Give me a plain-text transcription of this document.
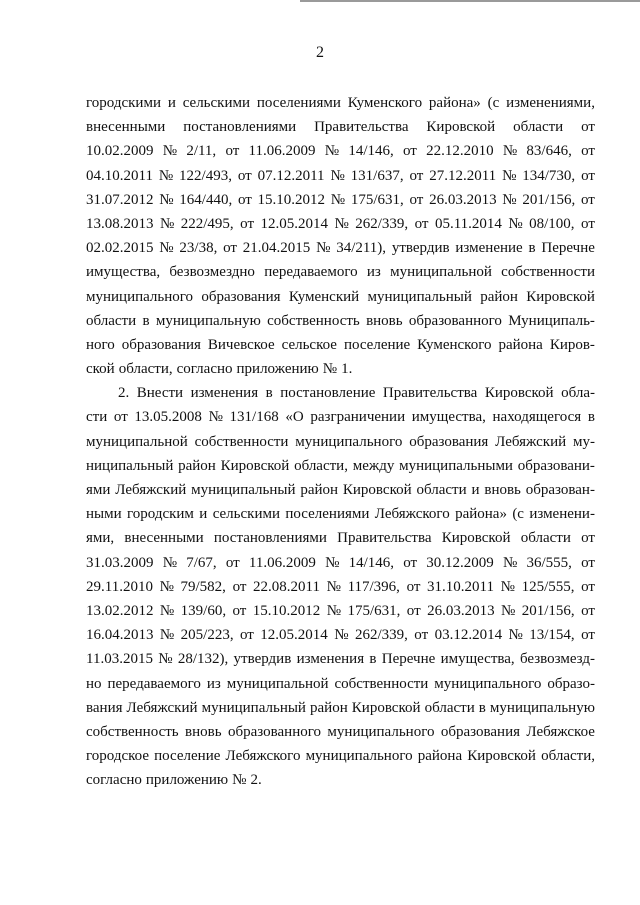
2
городскими и сельскими поселениями Куменского района» (с изменениями,
внесенными постановлениями Правительства Кировской области от
10.02.2009 № 2/11, от 11.06.2009 № 14/146, от 22.12.2010 № 83/646, от
04.10.2011 № 122/493, от 07.12.2011 № 131/637, от 27.12.2011 № 134/730, от
31.07.2012 № 164/440, от 15.10.2012 № 175/631, от 26.03.2013 № 201/156, от
13.08.2013 № 222/495, от 12.05.2014 № 262/339, от 05.11.2014 № 08/100, от
02.02.2015 № 23/38, от 21.04.2015 № 34/211), утвердив изменение в Перечне
имущества, безвозмездно передаваемого из муниципальной собственности
муниципального образования Куменский муниципальный район Кировской
области в муниципальную собственность вновь образованного Муниципаль-
ного образования Вичевское сельское поселение Куменского района Киров-
ской области, согласно приложению № 1.
2. Внести изменения в постановление Правительства Кировской обла-
сти от 13.05.2008 № 131/168 «О разграничении имущества, находящегося в
муниципальной собственности муниципального образования Лебяжский му-
ниципальный район Кировской области, между муниципальными образовани-
ями Лебяжский муниципальный район Кировской области и вновь образован-
ными городским и сельскими поселениями Лебяжского района» (с изменени-
ями, внесенными постановлениями Правительства Кировской области от
31.03.2009 № 7/67, от 11.06.2009 № 14/146, от 30.12.2009 № 36/555, от
29.11.2010 № 79/582, от 22.08.2011 № 117/396, от 31.10.2011 № 125/555, от
13.02.2012 № 139/60, от 15.10.2012 № 175/631, от 26.03.2013 № 201/156, от
16.04.2013 № 205/223, от 12.05.2014 № 262/339, от 03.12.2014 № 13/154, от
11.03.2015 № 28/132), утвердив изменения в Перечне имущества, безвозмезд-
но передаваемого из муниципальной собственности муниципального образо-
вания Лебяжский муниципальный район Кировской области в муниципальную
собственность вновь образованного муниципального образования Лебяжское
городское поселение Лебяжского муниципального района Кировской области,
согласно приложению № 2.
